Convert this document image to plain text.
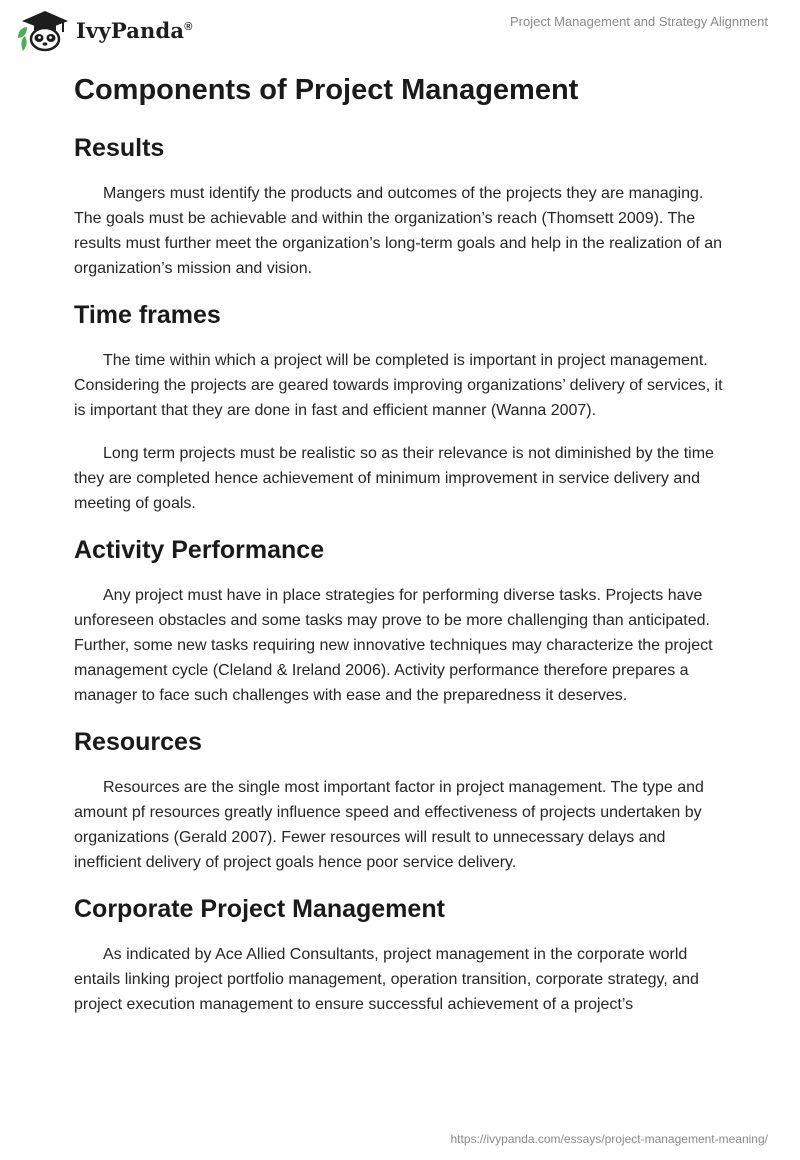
IvyPanda®	Project Management and Strategy Alignment
Components of Project Management
Results

Mangers must identify the products and outcomes of the projects they are managing. The goals must be achievable and within the organization’s reach (Thomsett 2009). The results must further meet the organization’s long-term goals and help in the realization of an organization’s mission and vision.

Time frames

The time within which a project will be completed is important in project management. Considering the projects are geared towards improving organizations’ delivery of services, it is important that they are done in fast and efficient manner (Wanna 2007).

Long term projects must be realistic so as their relevance is not diminished by the time they are completed hence achievement of minimum improvement in service delivery and meeting of goals.

Activity Performance

Any project must have in place strategies for performing diverse tasks. Projects have unforeseen obstacles and some tasks may prove to be more challenging than anticipated. Further, some new tasks requiring new innovative techniques may characterize the project management cycle (Cleland & Ireland 2006). Activity performance therefore prepares a manager to face such challenges with ease and the preparedness it deserves.

Resources

Resources are the single most important factor in project management. The type and amount pf resources greatly influence speed and effectiveness of projects undertaken by organizations (Gerald 2007). Fewer resources will result to unnecessary delays and inefficient delivery of project goals hence poor service delivery.

Corporate Project Management

As indicated by Ace Allied Consultants, project management in the corporate world entails linking project portfolio management, operation transition, corporate strategy, and project execution management to ensure successful achievement of a project’s

https://ivypanda.com/essays/project-management-meaning/
